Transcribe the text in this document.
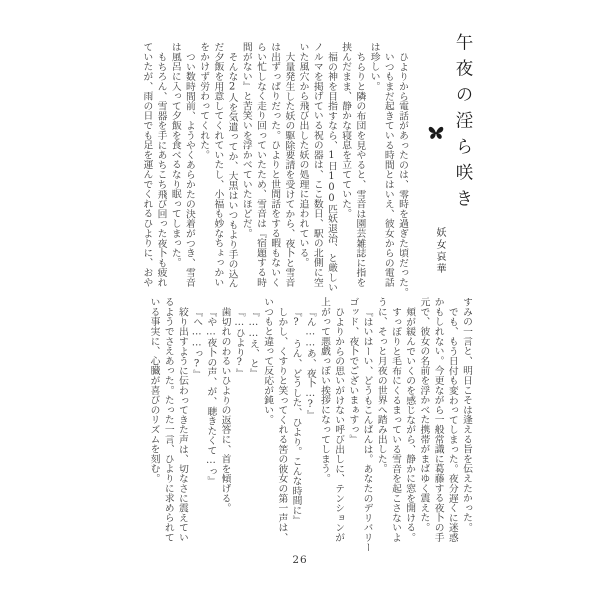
午夜の淫ら咲き
妖女哀華

ひよりから電話があったのは、零時を過ぎた頃だった。

いつもまだ起きている時間とはいえ、彼女からの電話

は珍しい。

ちらりと隣の布団を見やると、雪音は園芸雑誌に指を

挟んだまま、静かな寝息を立てていた。

福の神を目指すなら、1日100匹妖退治、と厳しい

ノルマを掲げている祝の器は、ここ数日、駅の北側に空

いた風穴から飛び出した妖の処理に追われている。

大量発生した妖の駆除要請を受けてから、夜卜と雪音

は出ずっぱりだった。ひよりと世間話をする暇もないく

らい忙しなく走り回っていたため、雪音は『宿題する時

間がない』と苦笑いを浮かべていたほどだ。

そんな2人を気遣ってか、大黒はいつもより手の込ん

だ夕飯を用意してくれていたし、小福も妙なちょっかい

をかけず労わってくれた。

つい数時間前、ようやくあらかたの決着がつき、雪音

は風呂に入って夕飯を食べるなり眠ってしまった。

もちろん、雪器を手にあちこち飛び回った夜卜も疲れ

ていたが、雨の日でも足を運んでくれるひよりに、おや

すみの一言と、明日こそは逢える旨を伝えたかった。

でも、もう日付も変わってしまった。夜分遅くに迷惑

かもしれない。今更ながら一般常識に葛藤する夜卜の手

元で、彼女の名前を浮かべた携帯がまばゆく震えた。

頬が緩んでいくのを感じながら、静かに窓を開ける。

すっぽりと毛布にくるまっている雪音を起こさないよ

うに、そっと月夜の世界へ踏み出した。

『はいはーい、どうもこんばんは。あなたのデリバリー

ゴッド、夜卜でございまぁすっ』

ひよりからの思いがけない呼び出しに、テンションが

上がって悪戯っぽい挨拶になってしまう。

『ん……あ、夜卜…?』

『? うん、どうした、ひより。こんな時間に』

しかし、くすりと笑ってくれる筈の彼女の第一声は、

いつもと違って反応が鈍い。

『……え、と』

『…ひより?』

歯切れのわるいひよりの返答に、首を傾げる。

『や…夜卜の声、が、聴きたくて…っ』

『へ……っ?』

絞り出すように伝わってきた声は、切なさに震えてい

るようでさえあった。たった一言、ひよりに求められて

いる事実に、心臓が喜びのリズムを刻む。

26
